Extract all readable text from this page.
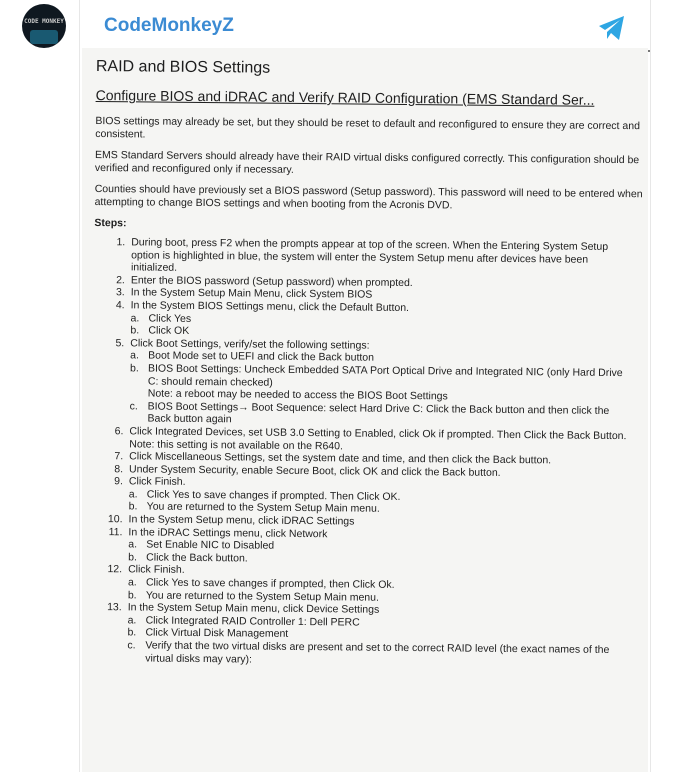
CODE MONKEY CodeMonkeyZ
RAID and BIOS Settings
Configure BIOS and iDRAC and Verify RAID Configuration (EMS Standard Ser...

BIOS settings may already be set, but they should be reset to default and reconfigured to ensure they are correct and consistent.

EMS Standard Servers should already have their RAID virtual disks configured correctly. This configuration should be verified and reconfigured only if necessary.

Counties should have previously set a BIOS password (Setup password). This password will need to be entered when attempting to change BIOS settings and when booting from the Acronis DVD.

Steps:
1. During boot, press F2 when the prompts appear at top of the screen. When the Entering System Setup option is highlighted in blue, the system will enter the System Setup menu after devices have been initialized.
2. Enter the BIOS password (Setup password) when prompted.
3. In the System Setup Main Menu, click System BIOS
4. In the System BIOS Settings menu, click the Default Button.
a. Click Yes
b. Click OK
5. Click Boot Settings, verify/set the following settings:
a. Boot Mode set to UEFI and click the Back button
b. BIOS Boot Settings: Uncheck Embedded SATA Port Optical Drive and Integrated NIC (only Hard Drive C: should remain checked)
Note: a reboot may be needed to access the BIOS Boot Settings
c. BIOS Boot Settings→ Boot Sequence: select Hard Drive C: Click the Back button and then click the Back button again
6. Click Integrated Devices, set USB 3.0 Setting to Enabled, click Ok if prompted. Then Click the Back Button.
Note: this setting is not available on the R640.
7. Click Miscellaneous Settings, set the system date and time, and then click the Back button.
8. Under System Security, enable Secure Boot, click OK and click the Back button.
9. Click Finish.
a. Click Yes to save changes if prompted. Then Click OK.
b. You are returned to the System Setup Main menu.
10. In the System Setup menu, click iDRAC Settings
11. In the iDRAC Settings menu, click Network
a. Set Enable NIC to Disabled
b. Click the Back button.
12. Click Finish.
a. Click Yes to save changes if prompted, then Click Ok.
b. You are returned to the System Setup Main menu.
13. In the System Setup Main menu, click Device Settings
a. Click Integrated RAID Controller 1: Dell PERC
b. Click Virtual Disk Management
c. Verify that the two virtual disks are present and set to the correct RAID level (the exact names of the virtual disks may vary):
